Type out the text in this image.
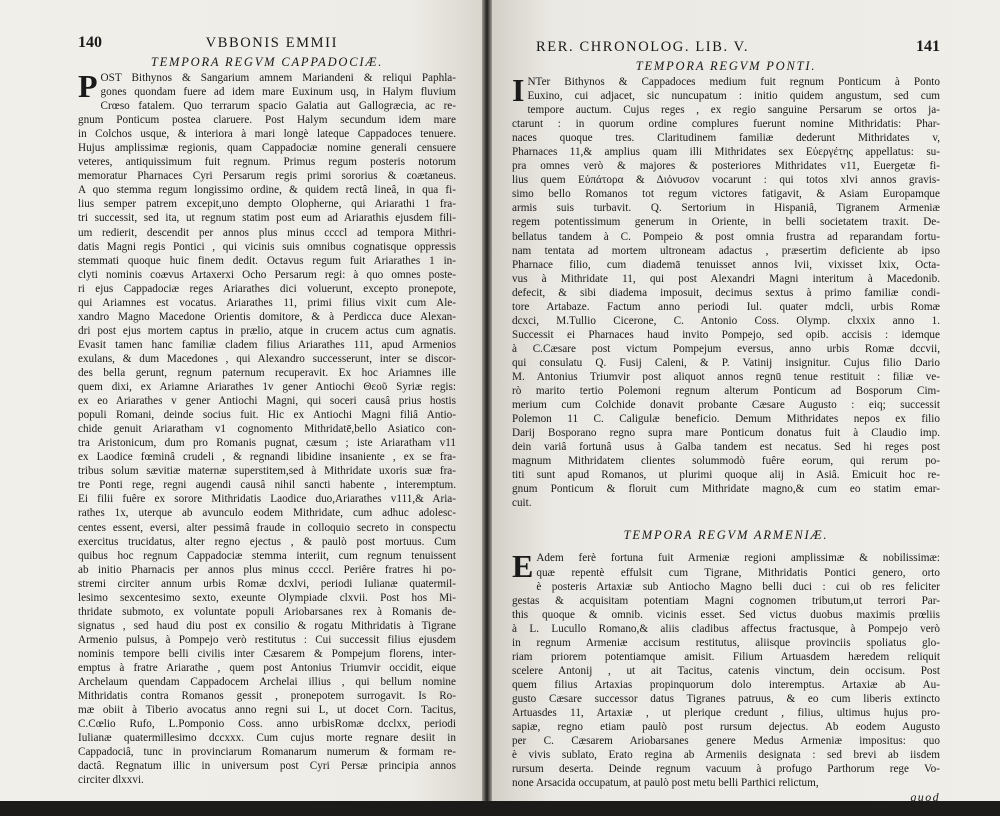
140	VBBONIS EMMII
TEMPORA REGVM CAPPADOCIÆ.
P OST Bithynos & Sangarium amnem Mariandeni & reliqui Paphla-
gones quondam fuere ad idem mare Euxinum usq, in Halym fluvium
Crœso fatalem. Quo terrarum spacio Galatia aut Gallogræcia, ac re-
gnum Ponticum postea claruere. Post Halym secundum idem mare
in Colchos usque, & interiora à mari longè lateque Cappadoces tenuere.
Hujus amplissimæ regionis, quam Cappadociæ nomine generali censuere
veteres, antiquissimum fuit regnum. Primus regum posteris notorum
memoratur Pharnaces Cyri Persarum regis primi sororius & coætaneus.
A quo stemma regum longissimo ordine, & quidem rectâ lineâ, in qua fi-
lius semper patrem excepit,uno dempto Olopherne, qui Ariarathi 1 fra-
tri successit, sed ita, ut regnum statim post eum ad Ariarathis ejusdem fili-
um redierit, descendit per annos plus minus ccccl ad tempora Mithri-
datis Magni regis Pontici , qui vicinis suis omnibus cognatisque oppressis
stemmati quoque huic finem dedit. Octavus regum fuit Ariarathes 1 in-
clyti nominis coævus Artaxerxi Ocho Persarum regi: à quo omnes poste-
ri ejus Cappadociæ reges Ariarathes dici voluerunt, excepto pronepote,
qui Ariamnes est vocatus. Ariarathes 11, primi filius vixit cum Ale-
xandro Magno Macedone Orientis domitore, & à Perdicca duce Alexan-
dri post ejus mortem captus in prælio, atque in crucem actus cum agnatis.
Evasit tamen hanc familiæ cladem filius Ariarathes 111, apud Armenios
exulans, & dum Macedones , qui Alexandro successerunt, inter se discor-
des bella gerunt, regnum paternum recuperavit. Ex hoc Ariamnes ille
quem dixi, ex Ariamne Ariarathes 1v gener Antiochi Θεοῦ Syriæ regis:
ex eo Ariarathes v gener Antiochi Magni, qui soceri causâ prius hostis
populi Romani, deinde socius fuit. Hic ex Antiochi Magni filiâ Antio-
chide genuit Ariaratham v1 cognomento Mithridatē,bello Asiatico con-
tra Aristonicum, dum pro Romanis pugnat, cæsum ; iste Ariaratham v11
ex Laodice fœminâ crudeli , & regnandi libidine insaniente , ex se fra-
tribus solum sævitiæ maternæ superstitem,sed à Mithridate uxoris suæ fra-
tre Ponti rege, regni augendi causâ nihil sancti habente , interemptum.
Ei filii fuêre ex sorore Mithridatis Laodice duo,Ariarathes v111,& Aria-
rathes 1x, uterque ab avunculo eodem Mithridate, cum adhuc adolesc-
centes essent, eversi, alter pessimâ fraude in colloquio secreto in conspectu
exercitus trucidatus, alter regno ejectus , & paulò post mortuus. Cum
quibus hoc regnum Cappadociæ stemma interiit, cum regnum tenuissent
ab initio Pharnacis per annos plus minus ccccl. Periêre fratres hi po-
stremi circiter annum urbis Romæ dcxlvi, periodi Iulianæ quatermil-
lesimo sexcentesimo sexto, exeunte Olympiade clxvii. Post hos Mi-
thridate submoto, ex voluntate populi Ariobarsanes rex à Romanis de-
signatus , sed haud diu post ex consilio & rogatu Mithridatis à Tigrane
Armenio pulsus, à Pompejo verò restitutus : Cui successit filius ejusdem
nominis tempore belli civilis inter Cæsarem & Pompejum florens, inter-
emptus à fratre Ariarathe , quem post Antonius Triumvir occidit, eique
Archelaum quendam Cappadocem Archelai illius , qui bellum nomine
Mithridatis contra Romanos gessit , pronepotem surrogavit. Is Ro-
mæ obiit à Tiberio avocatus anno regni sui L, ut docet Corn. Tacitus,
C.Cœlio Rufo, L.Pomponio Coss. anno urbisRomæ dcclxx, periodi
Iulianæ quatermillesimo dccxxx. Cum cujus morte regnare desiit in
Cappadociâ, tunc in provinciarum Romanarum numerum & formam re-
dactâ. Regnatum illic in universum post Cyri Persæ principia annos
circiter dlxxvi.
TEMPORA
RER. CHRONOLOG. LIB. V.	141
TEMPORA REGVM PONTI.
I NTer Bithynos & Cappadoces medium fuit regnum Ponticum à Ponto
Euxino, cui adjacet, sic nuncupatum : initio quidem angustum, sed cum
tempore auctum. Cujus reges , ex regio sanguine Persarum se ortos ja-
ctarunt : in quorum ordine complures fuerunt nomine Mithridatis: Phar-
naces quoque tres. Claritudinem familiæ dederunt Mithridates v,
Pharnaces 11,& amplius quam illi Mithridates sex Εὐεργέτης appellatus: su-
pra omnes verò & majores & posteriores Mithridates v11, Euergetæ fi-
lius quem Εὐπάτορα & Διόνυσον vocarunt : qui totos xlvi annos gravis-
simo bello Romanos tot regum victores fatigavit, & Asiam Europamque
armis suis turbavit. Q. Sertorium in Hispaniâ, Tigranem Armeniæ
regem potentissimum generum in Oriente, in belli societatem traxit. De-
bellatus tandem à C. Pompeio & post omnia frustra ad reparandam fortu-
nam tentata ad mortem ultroneam adactus , præsertim deficiente ab ipso
Pharnace filio, cum diademā tenuisset annos lvii, vixisset lxix, Octa-
vus à Mithridate 11, qui post Alexandri Magni interitum à Macedonib.
defecit, & sibi diadema imposuit, decimus sextus à primo familiæ condi-
tore Artabaze. Factum anno periodi Iul. quater mdcli, urbis Romæ
dcxci, M.Tullio Cicerone, C. Antonio Coss. Olymp. clxxix anno 1.
Successit ei Pharnaces haud invito Pompejo, sed opib. accisis : idemque
à C.Cæsare post victum Pompejum eversus, anno urbis Romæ dccvii,
qui consulatu Q. Fusij Caleni, & P. Vatinij insignitur. Cujus filio Dario
M. Antonius Triumvir post aliquot annos regnū tenue restituit : filiæ ve-
rò marito tertio Polemoni regnum alterum Ponticum ad Bosporum Cim-
merium cum Colchide donavit probante Cæsare Augusto : eiq; successit
Polemon 11 C. Caligulæ beneficio. Demum Mithridates nepos ex filio
Darij Bosporano regno supra mare Ponticum donatus fuit à Claudio imp.
dein variâ fortunâ usus à Galba tandem est necatus. Sed hi reges post
magnum Mithridatem clientes solummodò fuêre eorum, qui rerum po-
titi sunt apud Romanos, ut plurimi quoque alij in Asiâ. Emicuit hoc re-
gnum Ponticum & floruit cum Mithridate magno,& cum eo statim emar-
cuit.
TEMPORA REGVM ARMENIÆ.
E Adem ferè fortuna fuit Armeniæ regioni amplissimæ & nobilissimæ:
quæ repentè effulsit cum Tigrane, Mithridatis Pontici genero, orto
è posteris Artaxiæ sub Antiocho Magno belli duci : cui ob res feliciter
gestas & acquisitam potentiam Magni cognomen tributum,ut terrori Par-
this quoque & omnib. vicinis esset. Sed victus duobus maximis prœliis
à L. Lucullo Romano,& aliis cladibus affectus fractusque, à Pompejo verò
in regnum Armeniæ accisum restitutus, aliisque provinciis spoliatus glo-
riam priorem potentiamque amisit. Filium Artuasdem hæredem reliquit
scelere Antonij , ut ait Tacitus, catenis vinctum, dein occisum. Post
quem filius Artaxias propinquorum dolo interemptus. Artaxiæ ab Au-
gusto Cæsare successor datus Tigranes patruus, & eo cum liberis extincto
Artuasdes 11, Artaxiæ , ut plerique credunt , filius, ultimus hujus pro-
sapiæ, regno etiam paulò post rursum dejectus. Ab eodem Augusto
per C. Cæsarem Ariobarsanes genere Medus Armeniæ impositus: quo
è vivis sublato, Erato regina ab Armeniis designata : sed brevi ab iisdem
rursum deserta. Deinde regnum vacuum à profugo Parthorum rege Vo-
none Arsacida occupatum, at paulò post metu belli Parthici relictum,
quod
